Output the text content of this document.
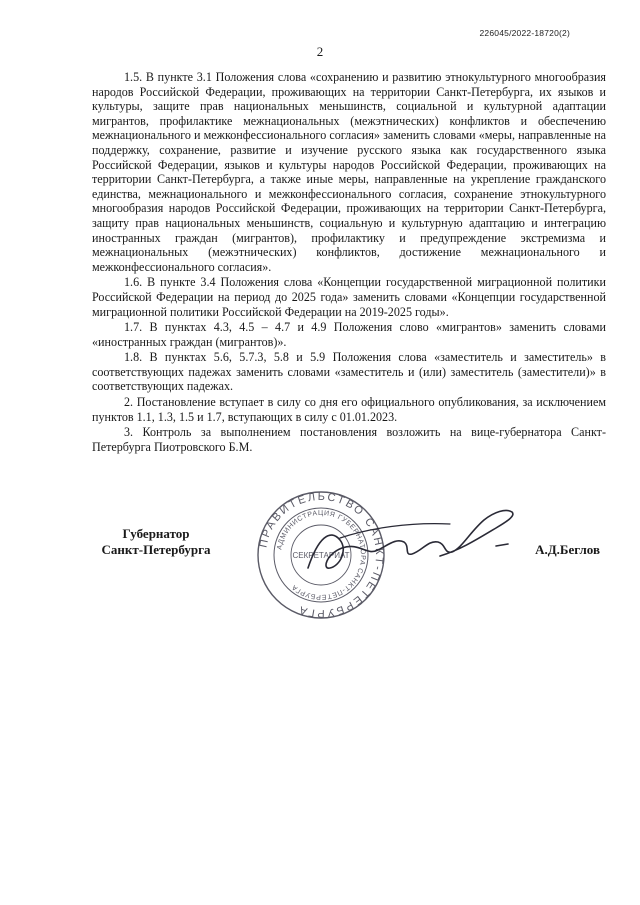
226045/2022-18720(2)
2

1.5. В пункте 3.1 Положения слова «сохранению и развитию этнокультурного многообразия народов Российской Федерации, проживающих на территории Санкт-Петербурга, их языков и культуры, защите прав национальных меньшинств, социальной и культурной адаптации мигрантов, профилактике межнациональных (межэтнических) конфликтов и обеспечению межнационального и межконфессионального согласия» заменить словами «меры, направленные на поддержку, сохранение, развитие и изучение русского языка как государственного языка Российской Федерации, языков и культуры народов Российской Федерации, проживающих на территории Санкт-Петербурга, а также иные меры, направленные на укрепление гражданского единства, межнационального и межконфессионального согласия, сохранение этнокультурного многообразия народов Российской Федерации, проживающих на территории Санкт-Петербурга, защиту прав национальных меньшинств, социальную и культурную адаптацию и интеграцию иностранных граждан (мигрантов), профилактику и предупреждение экстремизма и межнациональных (межэтнических) конфликтов, достижение межнационального и межконфессионального согласия».

1.6. В пункте 3.4 Положения слова «Концепции государственной миграционной политики Российской Федерации на период до 2025 года» заменить словами «Концепции государственной миграционной политики Российской Федерации на 2019-2025 годы».

1.7. В пунктах 4.3, 4.5 – 4.7 и 4.9 Положения слово «мигрантов» заменить словами «иностранных граждан (мигрантов)».

1.8. В пунктах 5.6, 5.7.3, 5.8 и 5.9 Положения слова «заместитель и заместитель» в соответствующих падежах заменить словами «заместитель и (или) заместитель (заместители)» в соответствующих падежах.

2. Постановление вступает в силу со дня его официального опубликования, за исключением пунктов 1.1, 1.3, 1.5 и 1.7, вступающих в силу с 01.01.2023.

3. Контроль за выполнением постановления возложить на вице-губернатора Санкт-Петербурга Пиотровского Б.М.

Губернатор
Санкт-Петербурга	ПРАВИТЕЛЬСТВО САНКТ-ПЕТЕРБУРГА
АДМИНИСТРАЦИЯ ГУБЕРНАТОРА САНКТ-ПЕТЕРБУРГА
СЕКРЕТАРИАТ	А.Д.Беглов
